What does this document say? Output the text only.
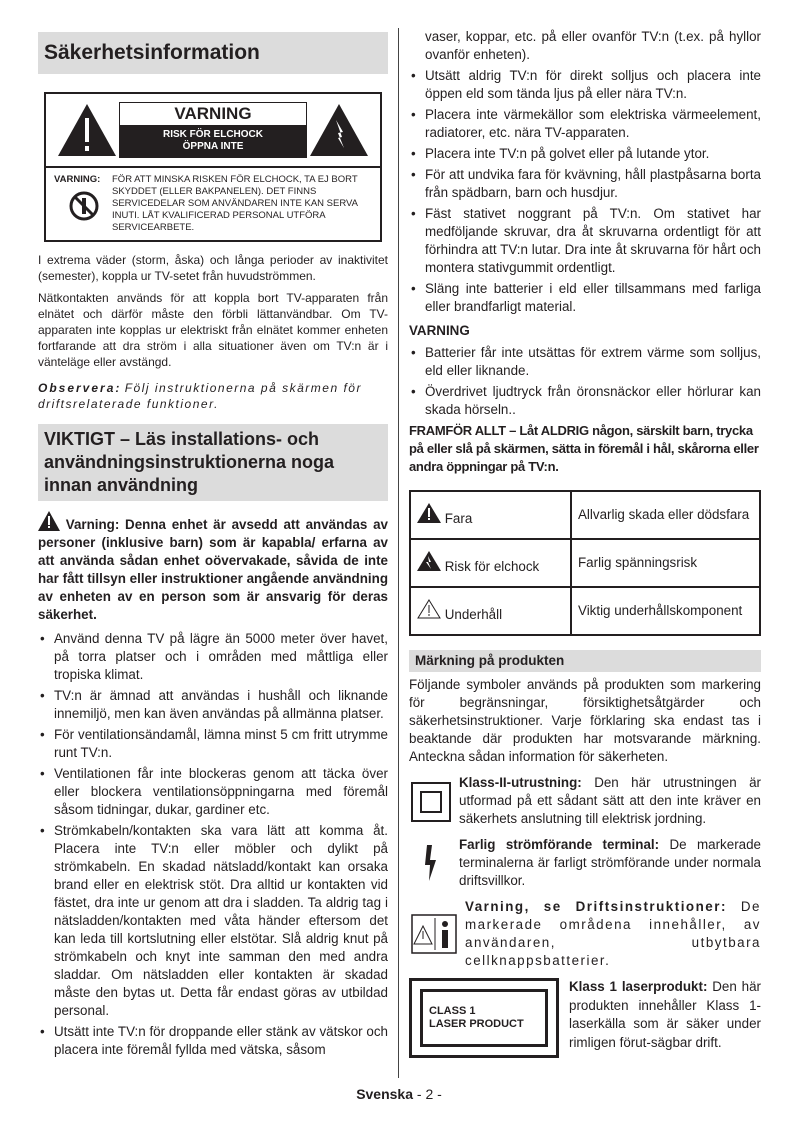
Säkerhetsinformation
VARNING
RISK FÖR ELCHOCK
ÖPPNA INTE
VARNING:	FÖR ATT MINSKA RISKEN FÖR ELCHOCK, TA EJ BORT SKYDDET (ELLER BAKPANELEN). DET FINNS SERVICEDELAR SOM ANVÄNDAREN INTE KAN SERVA INUTI. LÅT KVALIFICERAD PERSONAL UTFÖRA SERVICEARBETE.

I extrema väder (storm, åska) och långa perioder av inaktivitet (semester), koppla ur TV-setet från huvudströmmen.

Nätkontakten används för att koppla bort TV-apparaten från elnätet och därför måste den förbli lättanvändbar. Om TV-apparaten inte kopplas ur elektriskt från elnätet kommer enheten fortfarande att dra ström i alla situationer även om TV:n är i vänteläge eller avstängd.

Observera: Följ instruktionerna på skärmen för driftsrelaterade funktioner.

VIKTIGT – Läs installations- och användningsinstruktionerna noga innan användning

Varning: Denna enhet är avsedd att användas av personer (inklusive barn) som är kapabla/ erfarna av att använda sådan enhet oövervakade, såvida de inte har fått tillsyn eller instruktioner angående användning av enheten av en person som är ansvarig för deras säkerhet.

• Använd denna TV på lägre än 5000 meter över havet, på torra platser och i områden med måttliga eller tropiska klimat.
• TV:n är ämnad att användas i hushåll och liknande innemiljö, men kan även användas på allmänna platser.
• För ventilationsändamål, lämna minst 5 cm fritt utrymme runt TV:n.
• Ventilationen får inte blockeras genom att täcka över eller blockera ventilationsöppningarna med föremål såsom tidningar, dukar, gardiner etc.
• Strömkabeln/kontakten ska vara lätt att komma åt. Placera inte TV:n eller möbler och dylikt på strömkabeln. En skadad nätsladd/kontakt kan orsaka brand eller en elektrisk stöt. Dra alltid ur kontakten vid fästet, dra inte ur genom att dra i sladden. Ta aldrig tag i nätsladden/kontakten med våta händer eftersom det kan leda till kortslutning eller elstötar. Slå aldrig knut på strömkabeln och knyt inte samman den med andra sladdar. Om nätsladden eller kontakten är skadad måste den bytas ut. Detta får endast göras av utbildad personal.
• Utsätt inte TV:n för droppande eller stänk av vätskor och placera inte föremål fyllda med vätska, såsom

vaser, koppar, etc. på eller ovanför TV:n (t.ex. på hyllor ovanför enheten).

• Utsätt aldrig TV:n för direkt solljus och placera inte öppen eld som tända ljus på eller nära TV:n.
• Placera inte värmekällor som elektriska värmeelement, radiatorer, etc. nära TV-apparaten.
• Placera inte TV:n på golvet eller på lutande ytor.
• För att undvika fara för kvävning, håll plastpåsarna borta från spädbarn, barn och husdjur.
• Fäst stativet noggrant på TV:n. Om stativet har medföljande skruvar, dra åt skruvarna ordentligt för att förhindra att TV:n lutar. Dra inte åt skruvarna för hårt och montera stativgummit ordentligt.
• Släng inte batterier i eld eller tillsammans med farliga eller brandfarligt material.

VARNING

• Batterier får inte utsättas för extrem värme som solljus, eld eller liknande.
• Överdrivet ljudtryck från öronsnäckor eller hörlurar kan skada hörseln..

FRAMFÖR ALLT – Låt ALDRIG någon, särskilt barn, trycka på eller slå på skärmen, sätta in föremål i hål, skårorna eller andra öppningar på TV:n.

Fara	Allvarlig skada eller dödsfara
Risk för elchock	Farlig spänningsrisk
Underhåll	Viktig underhållskomponent
Märkning på produkten

Följande symboler används på produkten som markering för begränsningar, försiktighetsåtgärder och säkerhetsinstruktioner. Varje förklaring ska endast tas i beaktande där produkten har motsvarande märkning. Anteckna sådan information för säkerheten.

Klass-II-utrustning: Den här utrustningen är utformad på ett sådant sätt att den inte kräver en säkerhets anslutning till elektrisk jordning.
Farlig strömförande terminal: De markerade terminalerna är farligt strömförande under normala driftsvillkor.
Varning, se Driftsinstruktioner: De markerade områdena innehåller, av användaren, utbytbara cellknappsbatterier.
CLASS 1
LASER PRODUCT
Klass 1 laserprodukt: Den här produkten innehåller Klass 1-laserkälla som är säker under rimligen förut-sägbar drift.
Svenska - 2 -
